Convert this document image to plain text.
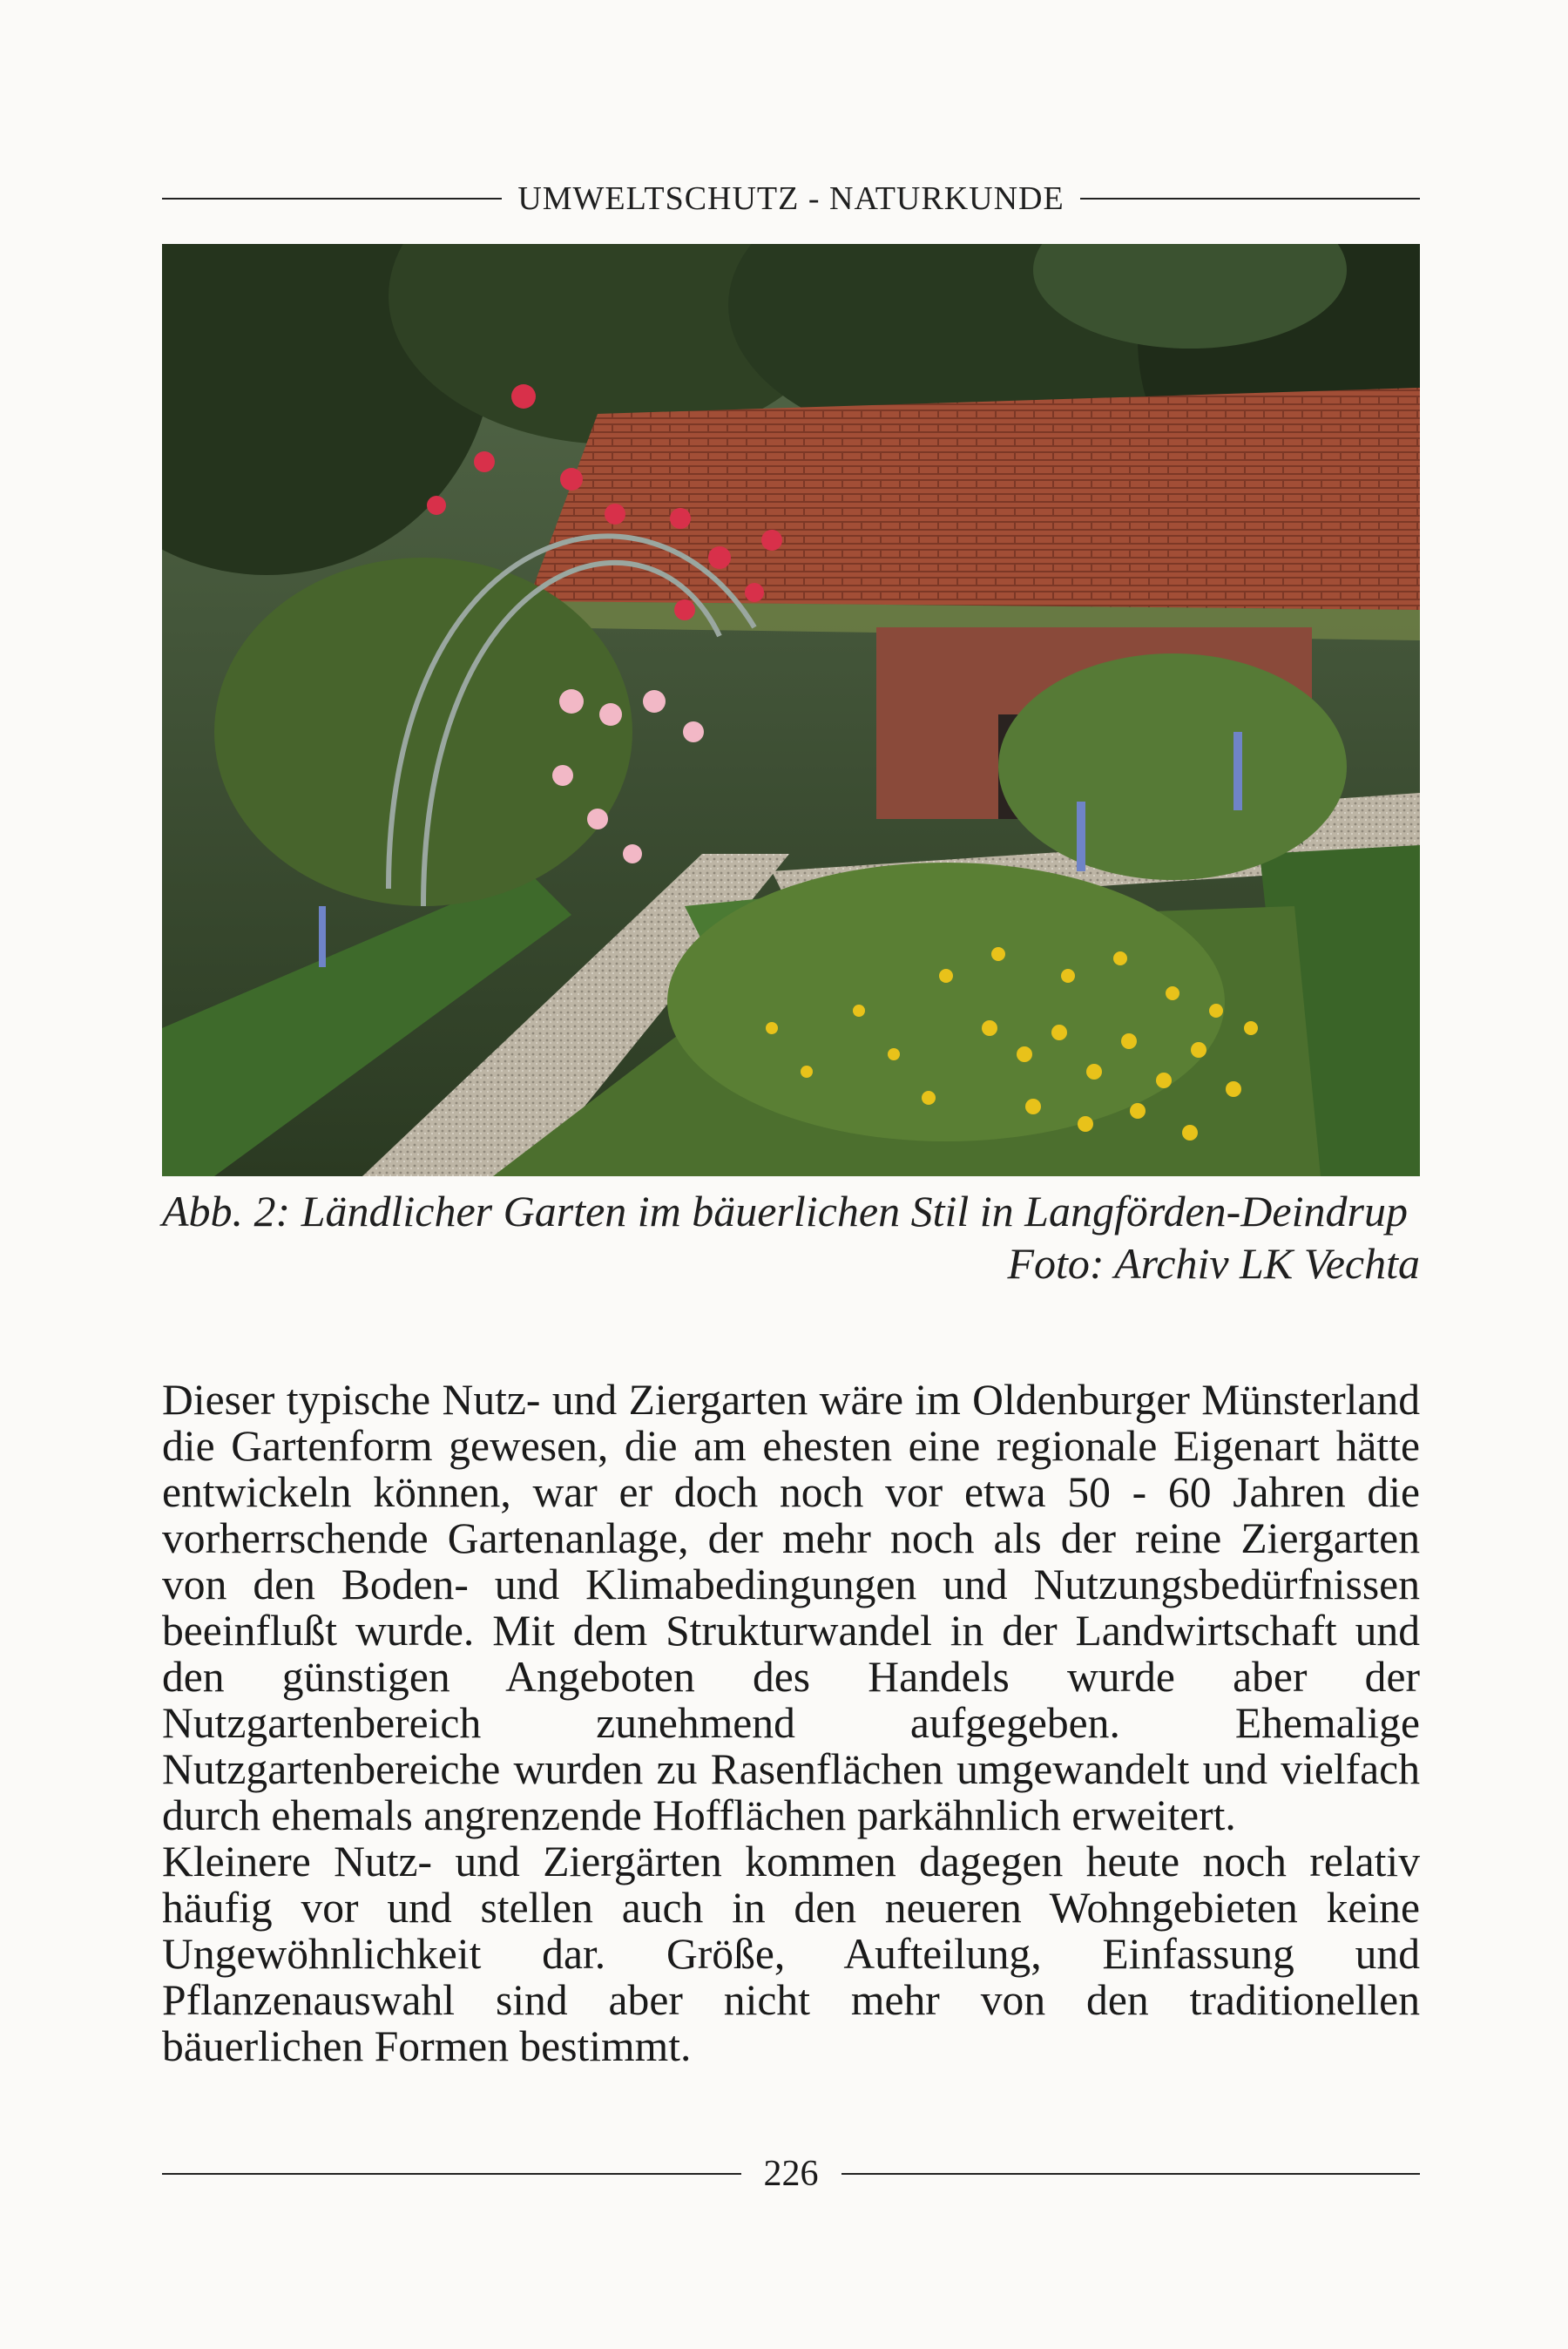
UMWELTSCHUTZ - NATURKUNDE
Abb. 2: Ländlicher Garten im bäuerlichen Stil in Langförden-Deindrup
Foto: Archiv LK Vechta

Dieser typische Nutz- und Ziergarten wäre im Oldenburger Münsterland die Gartenform gewesen, die am ehesten eine regionale Eigenart hätte entwickeln können, war er doch noch vor etwa 50 - 60 Jahren die vorherrschende Gartenanlage, der mehr noch als der reine Ziergarten von den Boden- und Klimabedingungen und Nutzungsbedürfnissen beeinflußt wurde. Mit dem Strukturwandel in der Landwirtschaft und den günstigen Angeboten des Handels wurde aber der Nutzgartenbereich zunehmend aufgegeben. Ehemalige Nutzgartenbereiche wurden zu Rasenflächen umgewandelt und vielfach durch ehemals angrenzende Hofflächen parkähnlich erweitert.

Kleinere Nutz- und Ziergärten kommen dagegen heute noch relativ häufig vor und stellen auch in den neueren Wohngebieten keine Ungewöhnlichkeit dar. Größe, Aufteilung, Einfassung und Pflanzenauswahl sind aber nicht mehr von den traditionellen bäuerlichen Formen bestimmt.

226
